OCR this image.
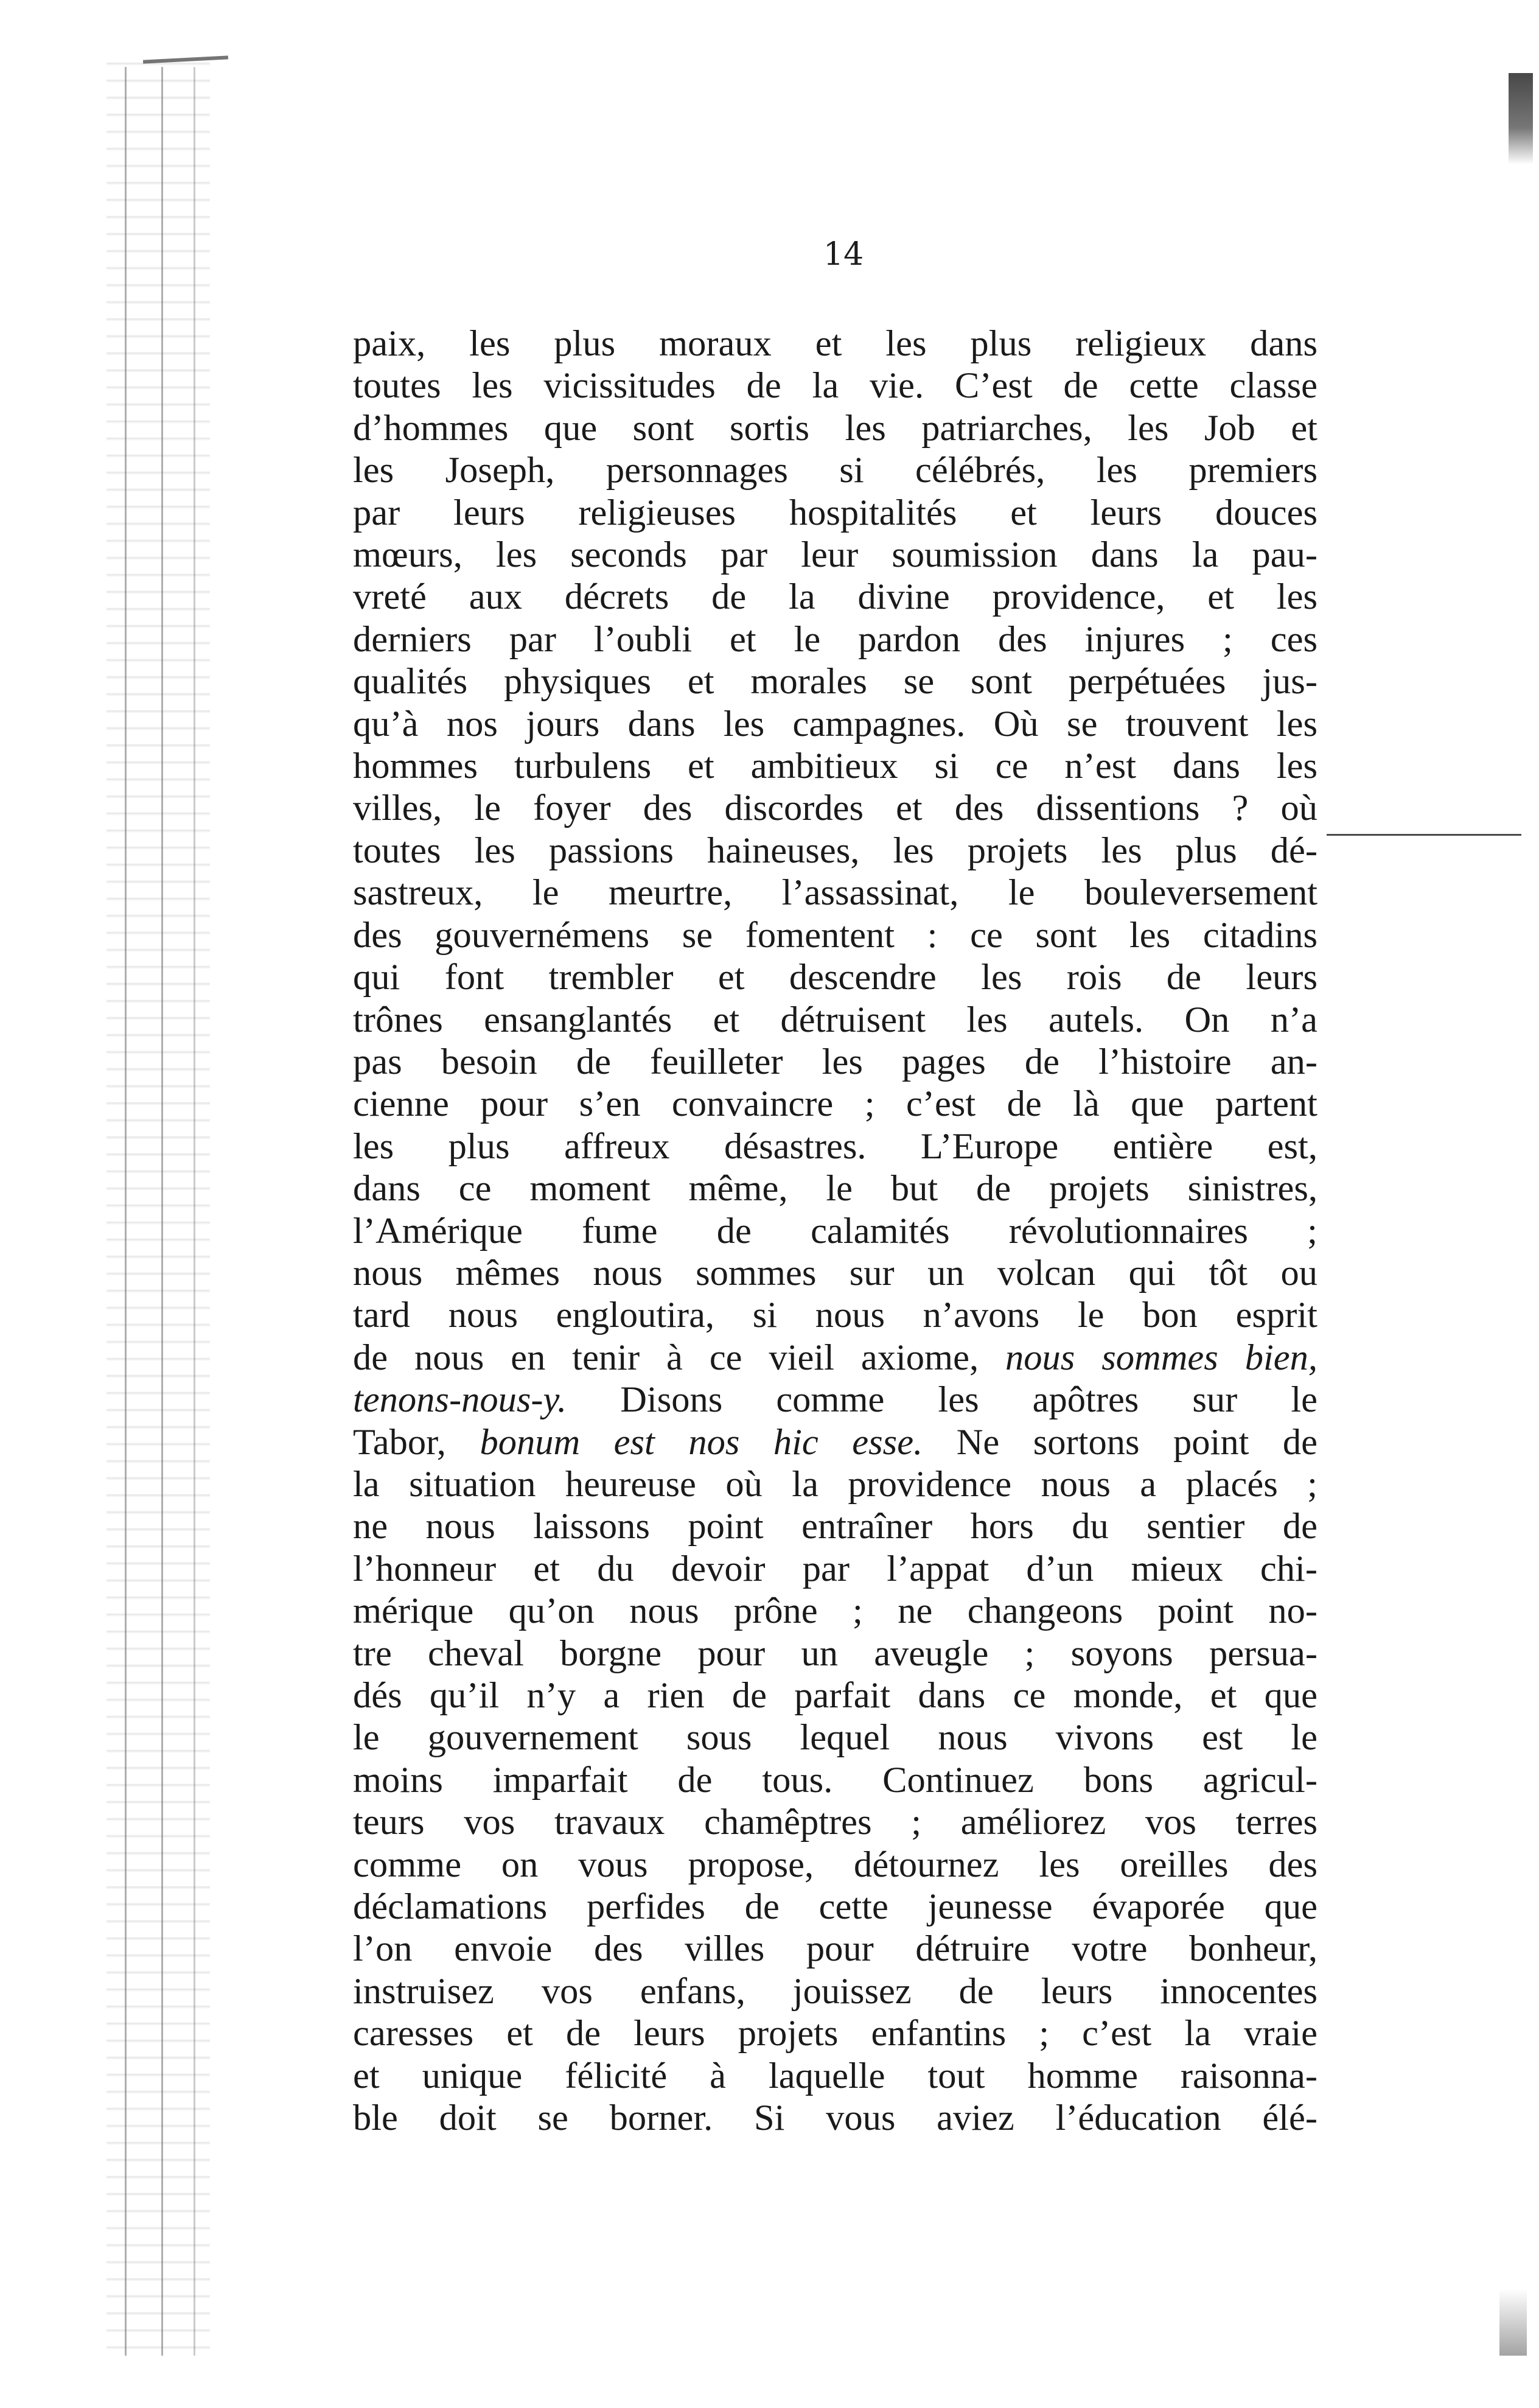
14
paix, les plus moraux et les plus religieux dans
toutes les vicissitudes de la vie. C’est de cette classe
d’hommes que sont sortis les patriarches, les Job et
les Joseph, personnages si célébrés, les premiers
par leurs religieuses hospitalités et leurs douces
mœurs, les seconds par leur soumission dans la pau-
vreté aux décrets de la divine providence, et les
derniers par l’oubli et le pardon des injures ; ces
qualités physiques et morales se sont perpétuées jus-
qu’à nos jours dans les campagnes. Où se trouvent les
hommes turbulens et ambitieux si ce n’est dans les
villes, le foyer des discordes et des dissentions ? où
toutes les passions haineuses, les projets les plus dé-
sastreux, le meurtre, l’assassinat, le bouleversement
des gouvernémens se fomentent : ce sont les citadins
qui font trembler et descendre les rois de leurs
trônes ensanglantés et détruisent les autels. On n’a
pas besoin de feuilleter les pages de l’histoire an-
cienne pour s’en convaincre ; c’est de là que partent
les plus affreux désastres. L’Europe entière est,
dans ce moment même, le but de projets sinistres,
l’Amérique fume de calamités révolutionnaires ;
nous mêmes nous sommes sur un volcan qui tôt ou
tard nous engloutira, si nous n’avons le bon esprit
de nous en tenir à ce vieil axiome, nous sommes bien,
tenons-nous-y. Disons comme les apôtres sur le
Tabor, bonum est nos hic esse. Ne sortons point de
la situation heureuse où la providence nous a placés ;
ne nous laissons point entraîner hors du sentier de
l’honneur et du devoir par l’appat d’un mieux chi-
mérique qu’on nous prône ; ne changeons point no-
tre cheval borgne pour un aveugle ; soyons persua-
dés qu’il n’y a rien de parfait dans ce monde, et que
le gouvernement sous lequel nous vivons est le
moins imparfait de tous. Continuez bons agricul-
teurs vos travaux chamêptres ; améliorez vos terres
comme on vous propose, détournez les oreilles des
déclamations perfides de cette jeunesse évaporée que
l’on envoie des villes pour détruire votre bonheur,
instruisez vos enfans, jouissez de leurs innocentes
caresses et de leurs projets enfantins ; c’est la vraie
et unique félicité à laquelle tout homme raisonna-
ble doit se borner. Si vous aviez l’éducation élé-
